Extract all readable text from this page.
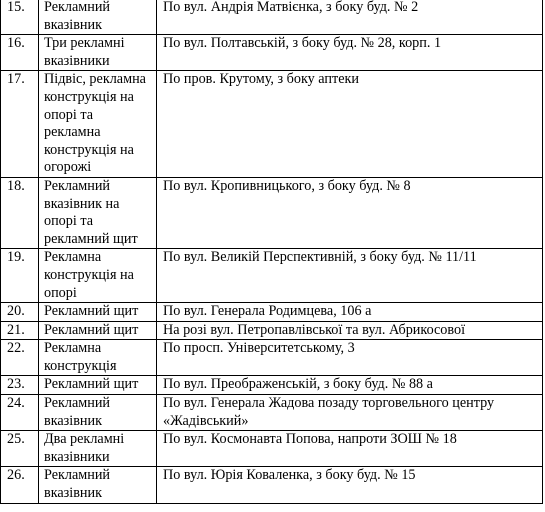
15.	Рекламний вказівник	По вул. Андрія Матвієнка, з боку буд. № 2
16.	Три рекламні вказівники	По вул. Полтавській, з боку буд. № 28, корп. 1
17.	Підвіс, рекламна конструкція на опорі та рекламна конструкція на огорожі	По пров. Крутому, з боку аптеки
18.	Рекламний вказівник на опорі та рекламний щит	По вул. Кропивницького, з боку буд. № 8
19.	Рекламна конструкція на опорі	По вул. Великій Перспективній, з боку буд. № 11/11
20.	Рекламний щит	По вул. Генерала Родимцева, 106 а
21.	Рекламний щит	На розі вул. Петропавлівської та вул. Абрикосової
22.	Рекламна конструкція	По просп. Університетському, 3
23.	Рекламний щит	По вул. Преображенській, з боку буд. № 88 а
24.	Рекламний вказівник	По вул. Генерала Жадова позаду торговельного центру «Жадівський»
25.	Два рекламні вказівники	По вул. Космонавта Попова, напроти ЗОШ № 18
26.	Рекламний вказівник	По вул. Юрія Коваленка, з боку буд. № 15
